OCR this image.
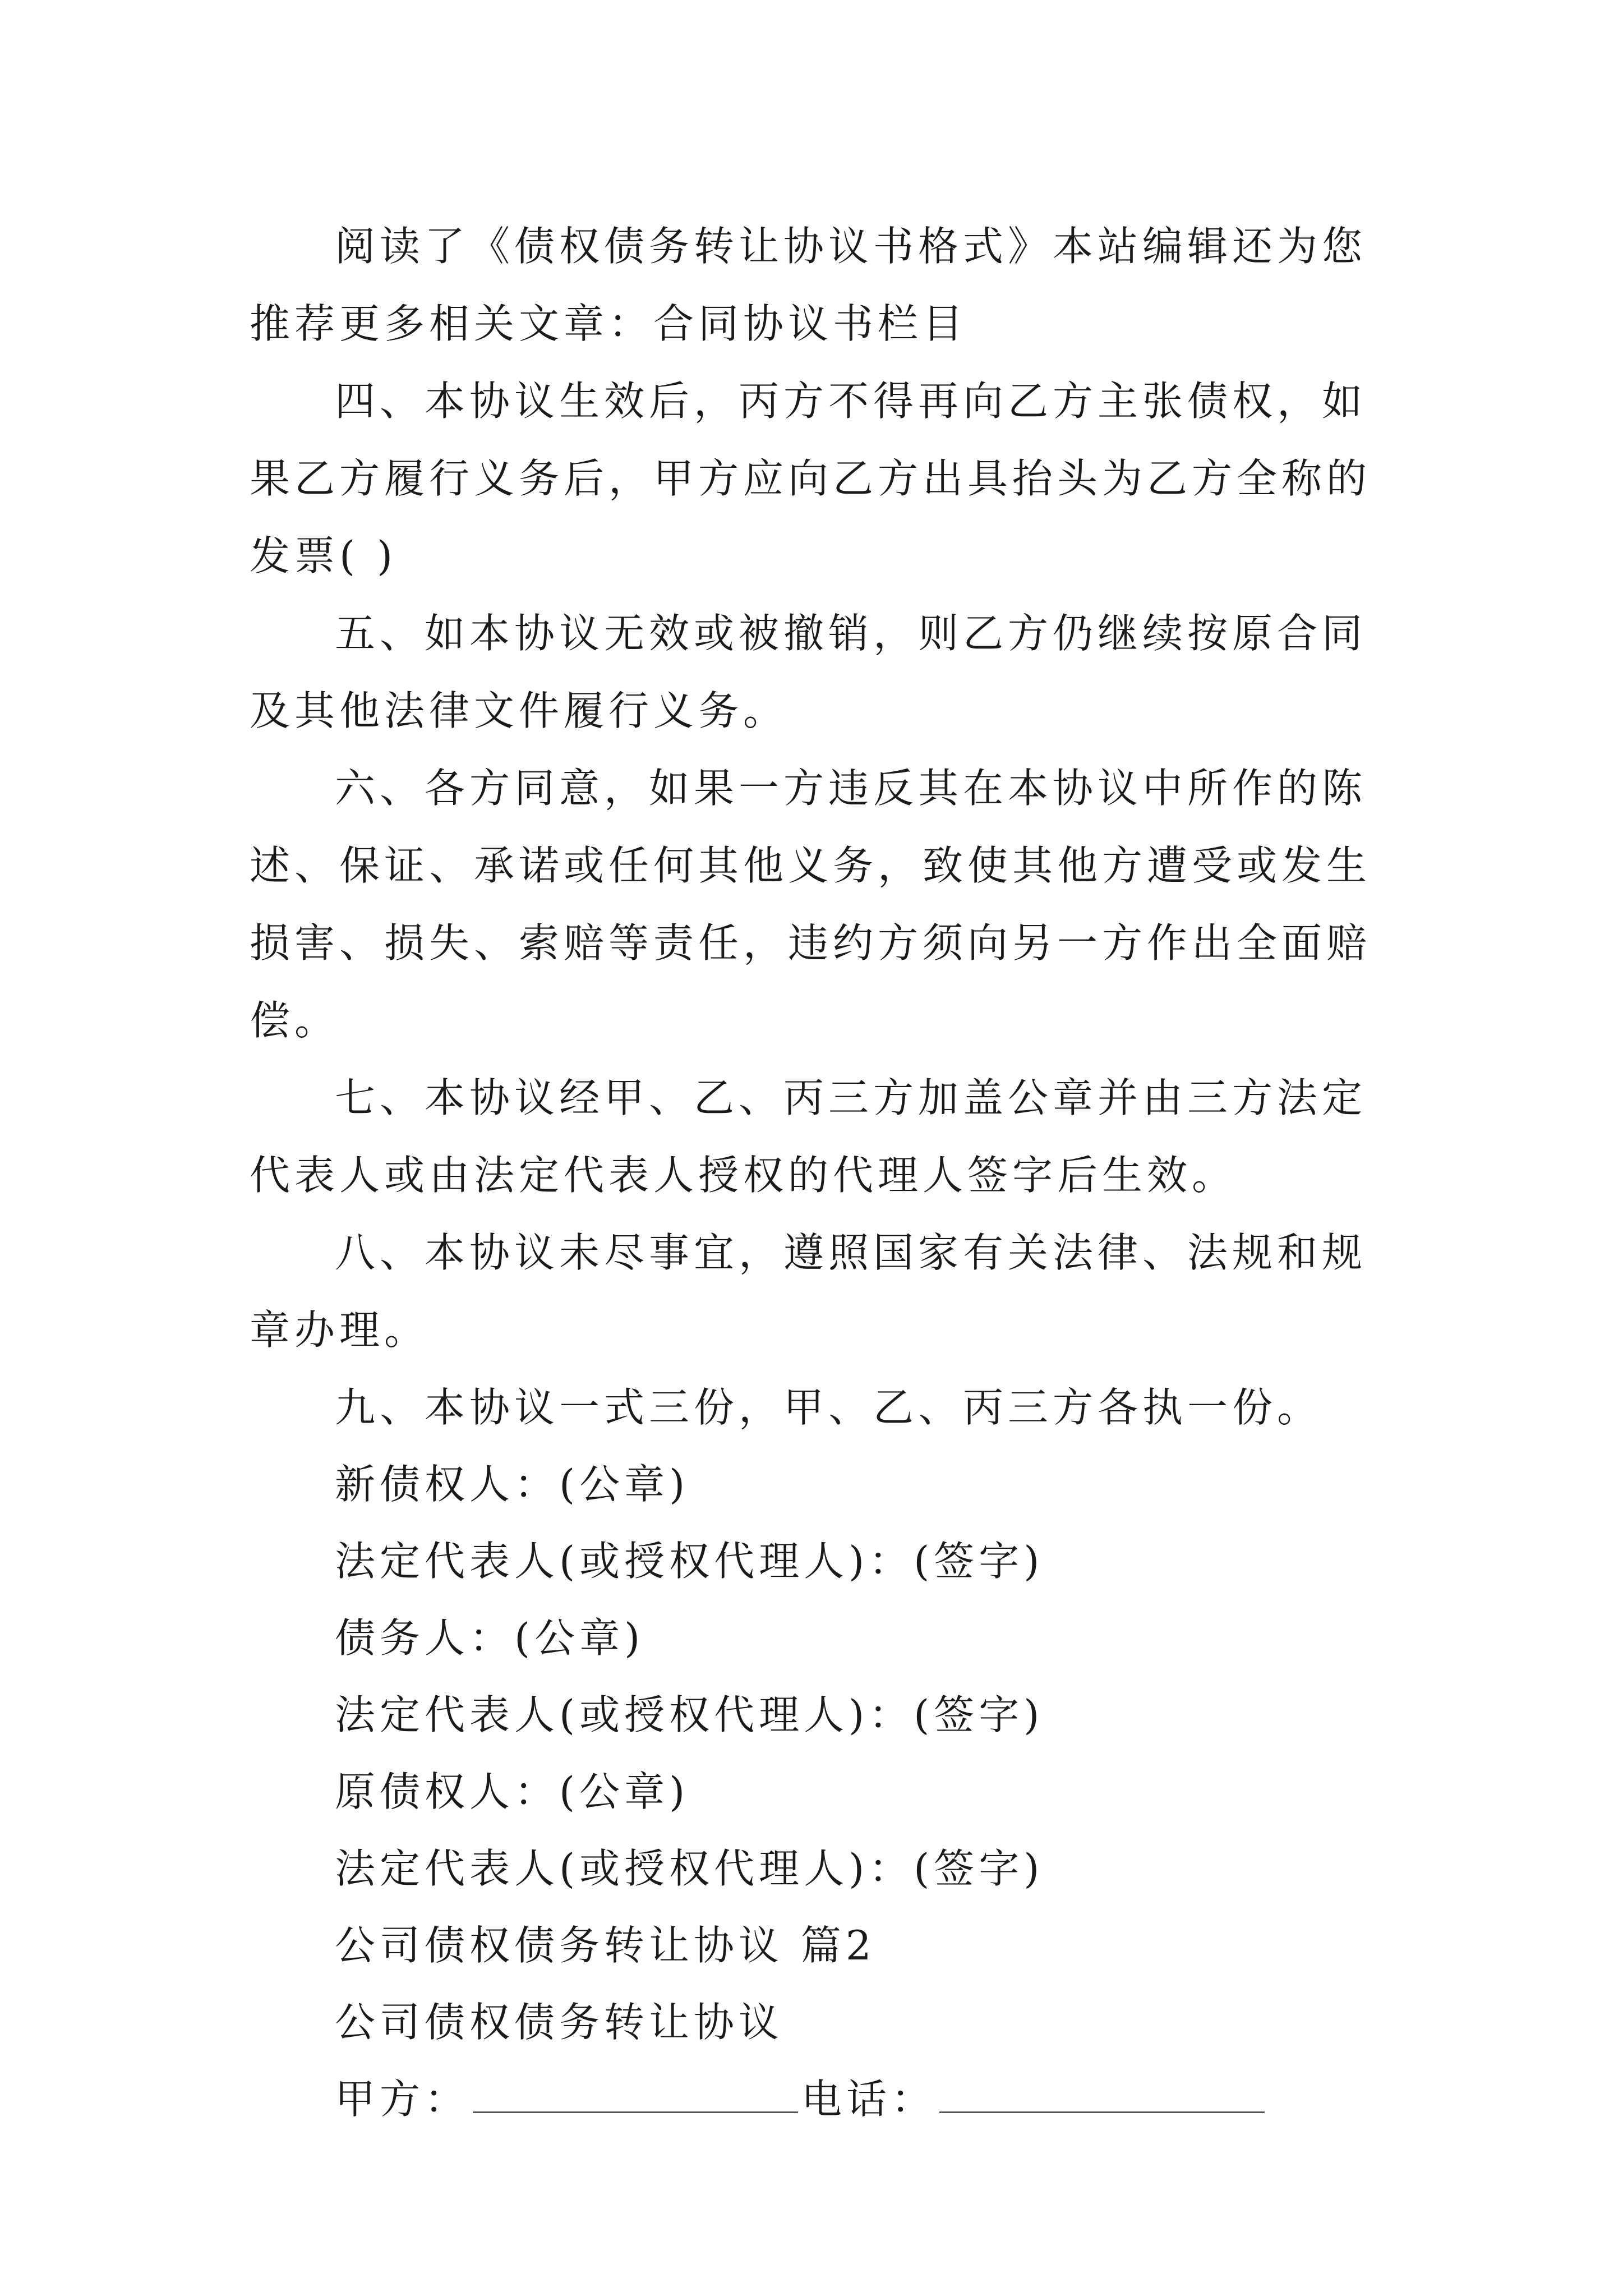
阅读了《债权债务转让协议书格式》本站编辑还为您推荐更多相关文章：合同协议书栏目

四、本协议生效后，丙方不得再向乙方主张债权，如果乙方履行义务后，甲方应向乙方出具抬头为乙方全称的发票( )

五、如本协议无效或被撤销，则乙方仍继续按原合同及其他法律文件履行义务。

六、各方同意，如果一方违反其在本协议中所作的陈述、保证、承诺或任何其他义务，致使其他方遭受或发生损害、损失、索赔等责任，违约方须向另一方作出全面赔偿。

七、本协议经甲、乙、丙三方加盖公章并由三方法定代表人或由法定代表人授权的代理人签字后生效。

八、本协议未尽事宜，遵照国家有关法律、法规和规章办理。

九、本协议一式三份，甲、乙、丙三方各执一份。

新债权人：(公章)

法定代表人(或授权代理人)：(签字)

债务人：(公章)

法定代表人(或授权代理人)：(签字)

原债权人：(公章)

法定代表人(或授权代理人)：(签字)

公司债权债务转让协议 篇2

公司债权债务转让协议

甲方：	电话：
